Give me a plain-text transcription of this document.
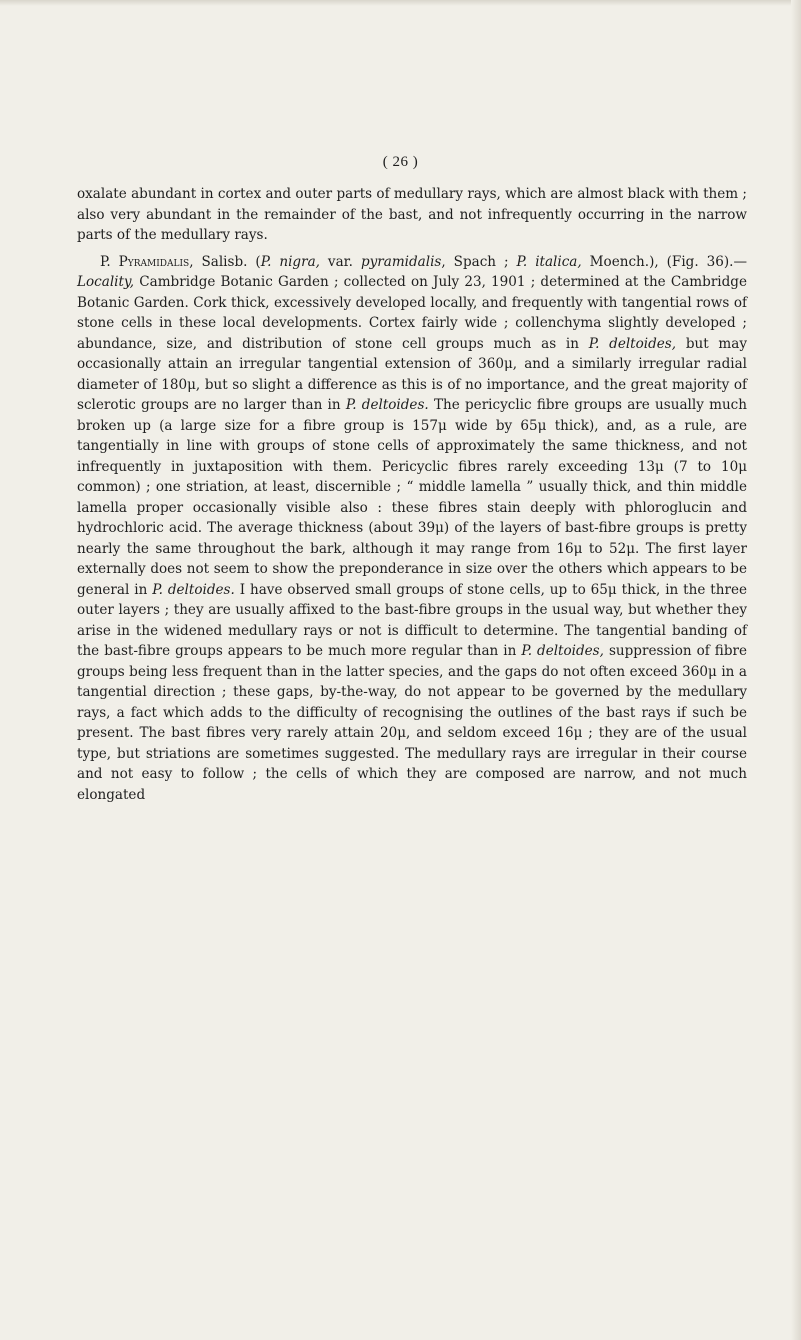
( 26 )

oxalate abundant in cortex and outer parts of medullary rays, which are almost black with them ; also very abundant in the remainder of the bast, and not infrequently occurring in the narrow parts of the medullary rays.

P. Pyramidalis, Salisb. (P. nigra, var. pyramidalis, Spach ; P. italica, Moench.), (Fig. 36).—Locality, Cambridge Botanic Garden ; collected on July 23, 1901 ; determined at the Cambridge Botanic Garden. Cork thick, excessively developed locally, and frequently with tangential rows of stone cells in these local developments. Cortex fairly wide ; collenchyma slightly developed ; abundance, size, and distribution of stone cell groups much as in P. deltoides, but may occasionally attain an irregular tangential extension of 360μ, and a similarly irregular radial diameter of 180μ, but so slight a difference as this is of no importance, and the great majority of sclerotic groups are no larger than in P. deltoides. The pericyclic fibre groups are usually much broken up (a large size for a fibre group is 157μ wide by 65μ thick), and, as a rule, are tangentially in line with groups of stone cells of approximately the same thickness, and not infrequently in juxtaposition with them. Pericyclic fibres rarely exceeding 13μ (7 to 10μ common) ; one striation, at least, discernible ; “ middle lamella ” usually thick, and thin middle lamella proper occasionally visible also : these fibres stain deeply with phloroglucin and hydrochloric acid. The average thickness (about 39μ) of the layers of bast-fibre groups is pretty nearly the same throughout the bark, although it may range from 16μ to 52μ. The first layer externally does not seem to show the preponderance in size over the others which appears to be general in P. deltoides. I have observed small groups of stone cells, up to 65μ thick, in the three outer layers ; they are usually affixed to the bast-fibre groups in the usual way, but whether they arise in the widened medullary rays or not is difficult to determine. The tangential banding of the bast-fibre groups appears to be much more regular than in P. deltoides, suppression of fibre groups being less frequent than in the latter species, and the gaps do not often exceed 360μ in a tangential direction ; these gaps, by-the-way, do not appear to be governed by the medullary rays, a fact which adds to the difficulty of recognising the outlines of the bast rays if such be present. The bast fibres very rarely attain 20μ, and seldom exceed 16μ ; they are of the usual type, but striations are sometimes suggested. The medullary rays are irregular in their course and not easy to follow ; the cells of which they are composed are narrow, and not much elongated
